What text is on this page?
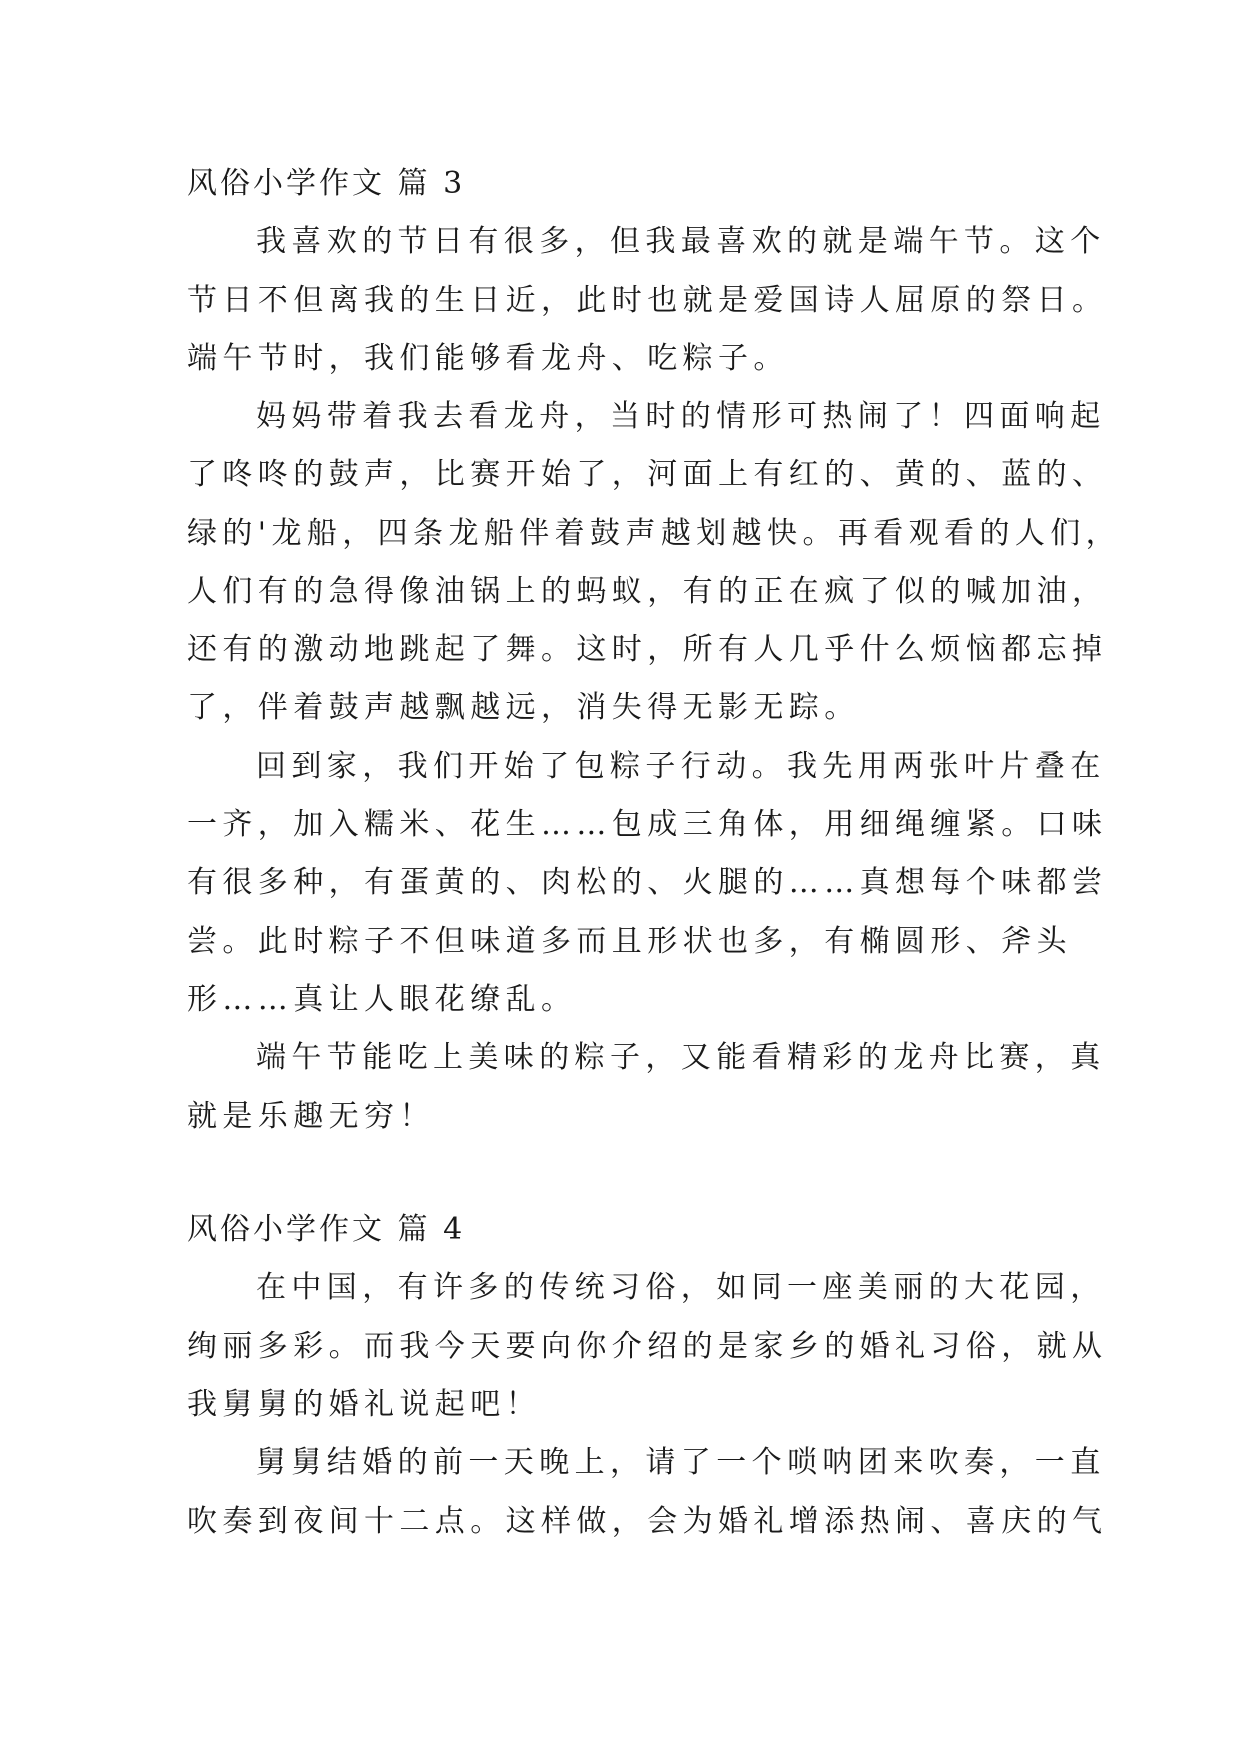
风俗小学作文 篇 3
我喜欢的节日有很多，但我最喜欢的就是端午节。这个
节日不但离我的生日近，此时也就是爱国诗人屈原的祭日。
端午节时，我们能够看龙舟、吃粽子。
妈妈带着我去看龙舟，当时的情形可热闹了！四面响起
了咚咚的鼓声，比赛开始了，河面上有红的、黄的、蓝的、
绿的'龙船，四条龙船伴着鼓声越划越快。再看观看的人们，
人们有的急得像油锅上的蚂蚁，有的正在疯了似的喊加油，
还有的激动地跳起了舞。这时，所有人几乎什么烦恼都忘掉
了，伴着鼓声越飘越远，消失得无影无踪。
回到家，我们开始了包粽子行动。我先用两张叶片叠在
一齐，加入糯米、花生……包成三角体，用细绳缠紧。口味
有很多种，有蛋黄的、肉松的、火腿的……真想每个味都尝
尝。此时粽子不但味道多而且形状也多，有椭圆形、斧头
形……真让人眼花缭乱。
端午节能吃上美味的粽子，又能看精彩的龙舟比赛，真
就是乐趣无穷！
风俗小学作文 篇 4
在中国，有许多的传统习俗，如同一座美丽的大花园，
绚丽多彩。而我今天要向你介绍的是家乡的婚礼习俗，就从
我舅舅的婚礼说起吧！
舅舅结婚的前一天晚上，请了一个唢呐团来吹奏，一直
吹奏到夜间十二点。这样做，会为婚礼增添热闹、喜庆的气
